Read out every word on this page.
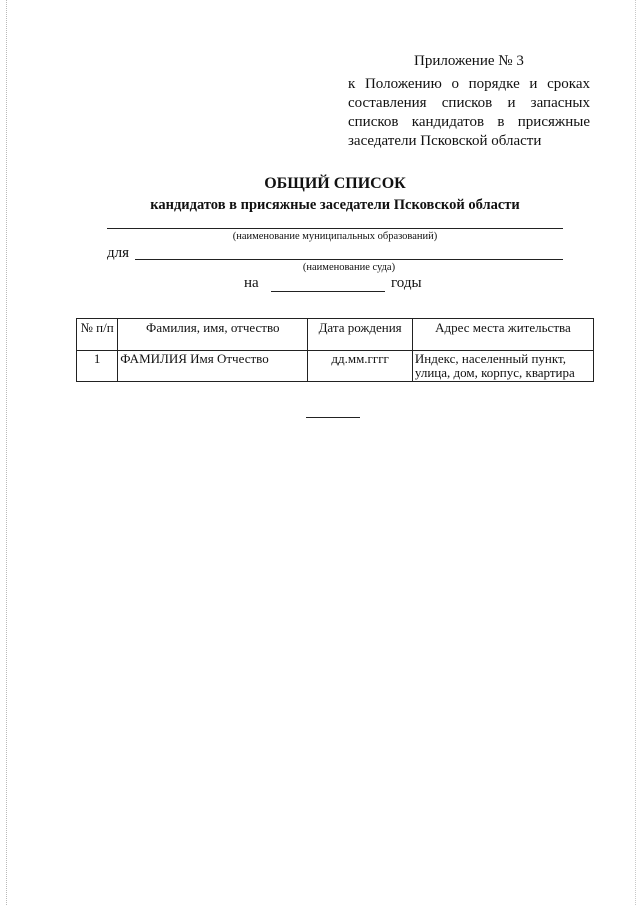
Приложение № 3
к Положению о порядке и сроках составления списков и запасных списков кандидатов в присяжные заседатели Псковской области
ОБЩИЙ СПИСОК
кандидатов в присяжные заседатели Псковской области
(наименование муниципальных образований)
для
(наименование суда)
на	годы
№ п/п	Фамилия, имя, отчество	Дата рождения	Адрес места жительства
1	ФАМИЛИЯ Имя Отчество	дд.мм.гггг	Индекс, населенный пункт, улица, дом, корпус, квартира
